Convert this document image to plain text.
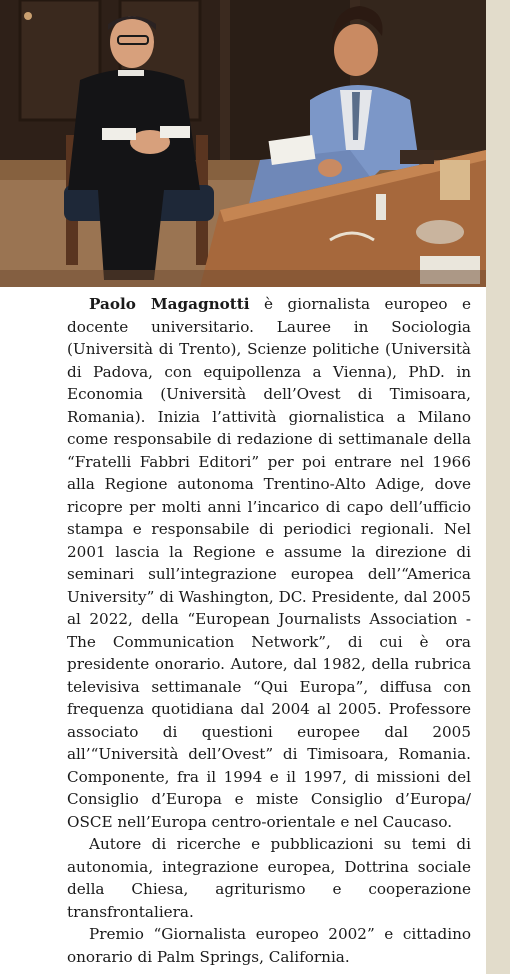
Paolo Magagnotti è giornalista europeo e docente universitario. Lauree in Sociologia (Università di Trento), Scienze politiche (Università di Padova, con equipollenza a Vienna), PhD. in Economia (Università dell’Ovest di Timisoara, Romania). Inizia l’attività giornalistica a Milano come responsabile di redazione di settimanale della “Fratelli Fabbri Editori” per poi entrare nel 1966 alla Regione autonoma Trentino-Alto Adige, dove ricopre per molti anni l’incarico di capo dell’ufficio stampa e responsabile di periodici regionali. Nel 2001 lascia la Regione e assume la direzione di seminari sull’integrazione europea dell’“America University” di Washington, DC. Presidente, dal 2005 al 2022, della “European Journalists Association - The Communication Network”, di cui è ora presidente onorario. Autore, dal 1982, della rubrica televisiva settimanale “Qui Europa”, diffusa con frequenza quotidiana dal 2004 al 2005. Professore associato di questioni europee dal 2005 all’“Università dell’Ovest” di Timisoara, Romania. Componente, fra il 1994 e il 1997, di missioni del Consiglio d’Europa e miste Consiglio d’Europa/ OSCE nell’Europa centro-orientale e nel Caucaso.

Autore di ricerche e pubblicazioni su temi di autonomia, integrazione europea, Dottrina sociale della Chiesa, agriturismo e cooperazione transfrontaliera.

Premio “Giornalista europeo 2002” e cittadino onorario di Palm Springs, California.
